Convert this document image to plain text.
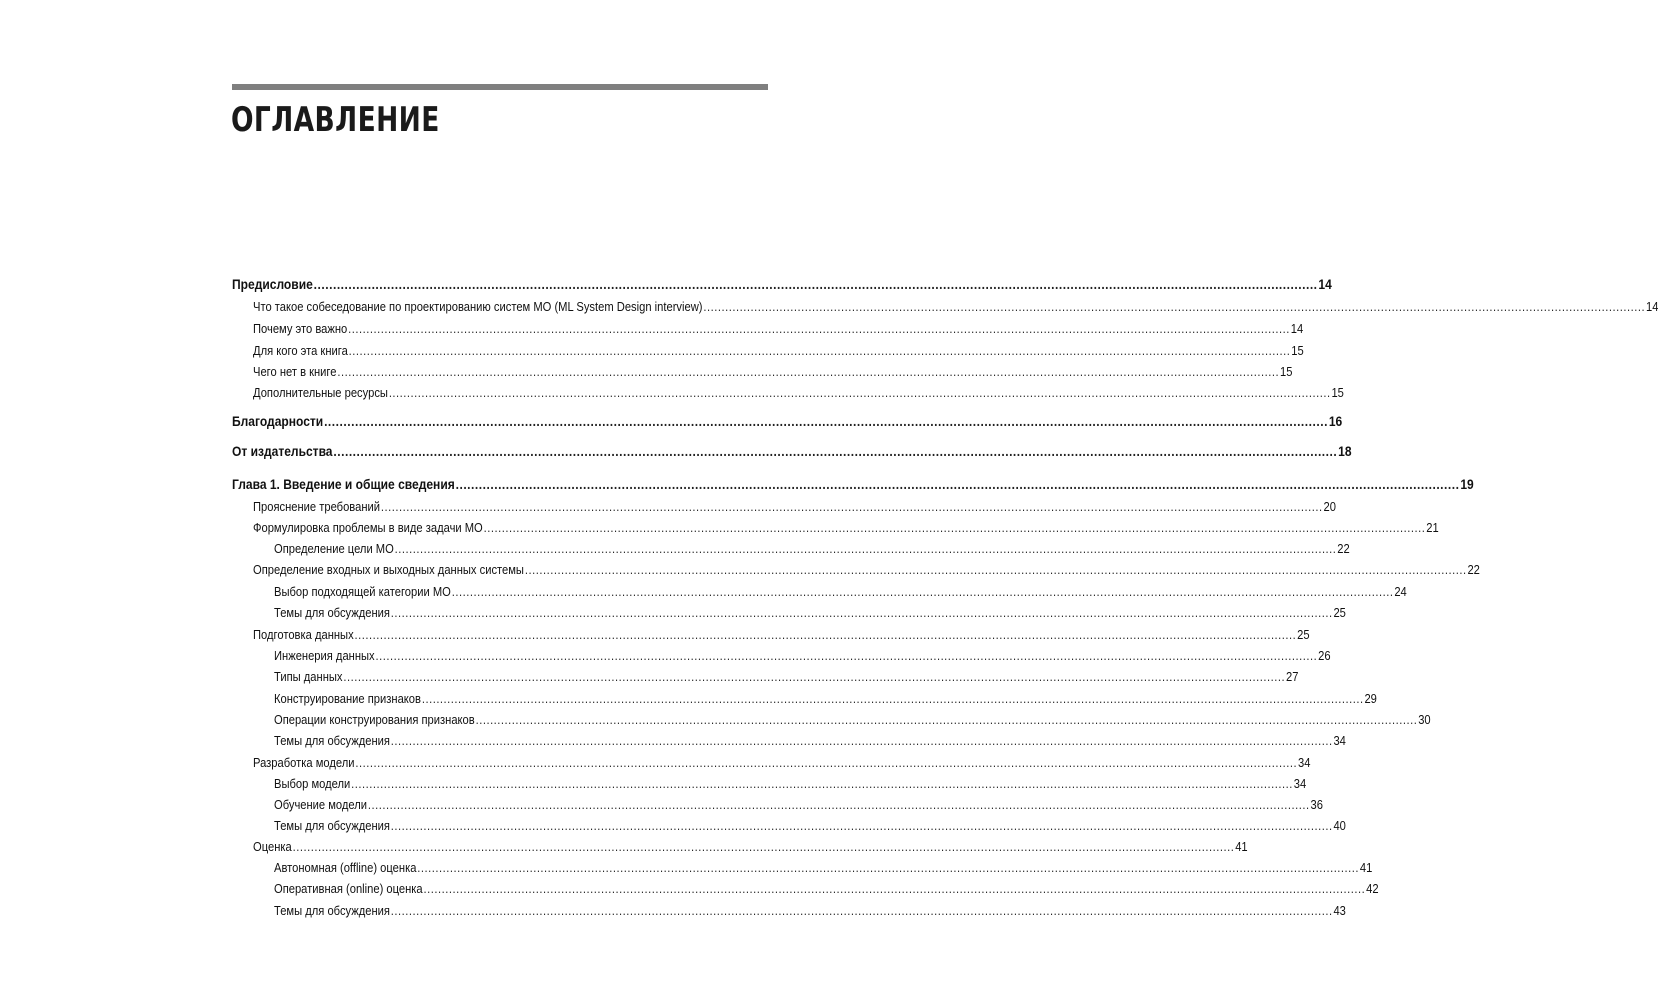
ОГЛАВЛЕНИЕ
Предисловие .................................................................................................................................................................................................................................................................... 14
Что такое собеседование по проектированию систем МО (ML System Design interview) .................................................................................................................................................................................................................................................................... 14
Почему это важно .................................................................................................................................................................................................................................................................... 14
Для кого эта книга .................................................................................................................................................................................................................................................................... 15
Чего нет в книге .................................................................................................................................................................................................................................................................... 15
Дополнительные ресурсы .................................................................................................................................................................................................................................................................... 15
Благодарности .................................................................................................................................................................................................................................................................... 16
От издательства .................................................................................................................................................................................................................................................................... 18
Глава 1. Введение и общие сведения .................................................................................................................................................................................................................................................................... 19
Прояснение требований .................................................................................................................................................................................................................................................................... 20
Формулировка проблемы в виде задачи МО .................................................................................................................................................................................................................................................................... 21
Определение цели МО .................................................................................................................................................................................................................................................................... 22
Определение входных и выходных данных системы .................................................................................................................................................................................................................................................................... 22
Выбор подходящей категории МО .................................................................................................................................................................................................................................................................... 24
Темы для обсуждения .................................................................................................................................................................................................................................................................... 25
Подготовка данных .................................................................................................................................................................................................................................................................... 25
Инженерия данных .................................................................................................................................................................................................................................................................... 26
Типы данных .................................................................................................................................................................................................................................................................... 27
Конструирование признаков .................................................................................................................................................................................................................................................................... 29
Операции конструирования признаков .................................................................................................................................................................................................................................................................... 30
Темы для обсуждения .................................................................................................................................................................................................................................................................... 34
Разработка модели .................................................................................................................................................................................................................................................................... 34
Выбор модели .................................................................................................................................................................................................................................................................... 34
Обучение модели .................................................................................................................................................................................................................................................................... 36
Темы для обсуждения .................................................................................................................................................................................................................................................................... 40
Оценка .................................................................................................................................................................................................................................................................... 41
Автономная (offline) оценка .................................................................................................................................................................................................................................................................... 41
Оперативная (online) оценка .................................................................................................................................................................................................................................................................... 42
Темы для обсуждения .................................................................................................................................................................................................................................................................... 43
